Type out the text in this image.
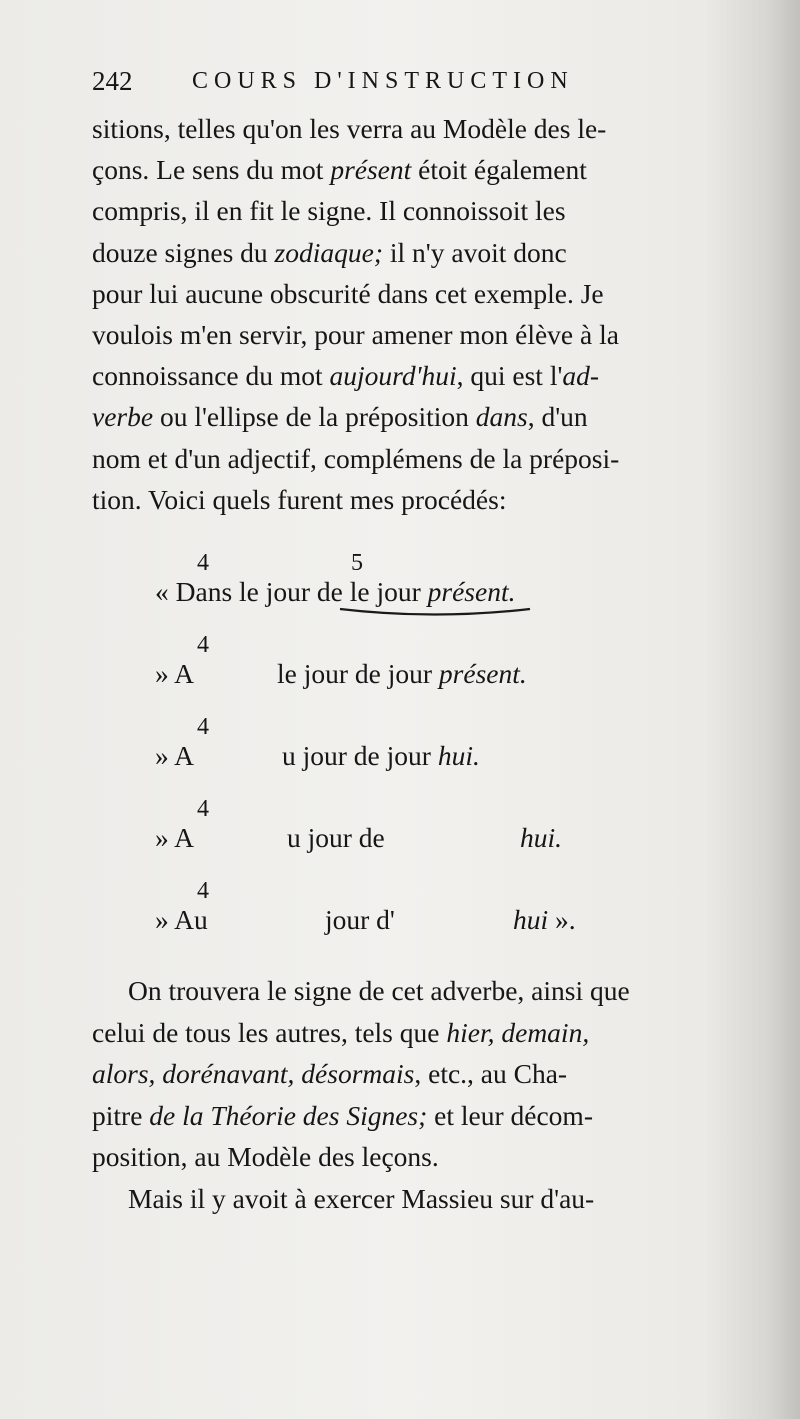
242 COURS D'INSTRUCTION

sitions, telles qu'on les verra au Modèle des le-

çons. Le sens du mot présent étoit également

compris, il en fit le signe. Il connoissoit les

douze signes du zodiaque; il n'y avoit donc

pour lui aucune obscurité dans cet exemple. Je

voulois m'en servir, pour amener mon élève à la

connoissance du mot aujourd'hui, qui est l'ad-

verbe ou l'ellipse de la préposition dans, d'un

nom et d'un adjectif, complémens de la préposi-

tion. Voici quels furent mes procédés:

4	5
« Dans le jour de le jour présent.
4
» A	le jour de jour présent.
4
» A	u jour de jour hui.
4
» A	u jour de	hui.
4
» Au	jour d'	hui ».

On trouvera le signe de cet adverbe, ainsi que

celui de tous les autres, tels que hier, demain,

alors, dorénavant, désormais, etc., au Cha-

pitre de la Théorie des Signes; et leur décom-

position, au Modèle des leçons.

Mais il y avoit à exercer Massieu sur d'au-
